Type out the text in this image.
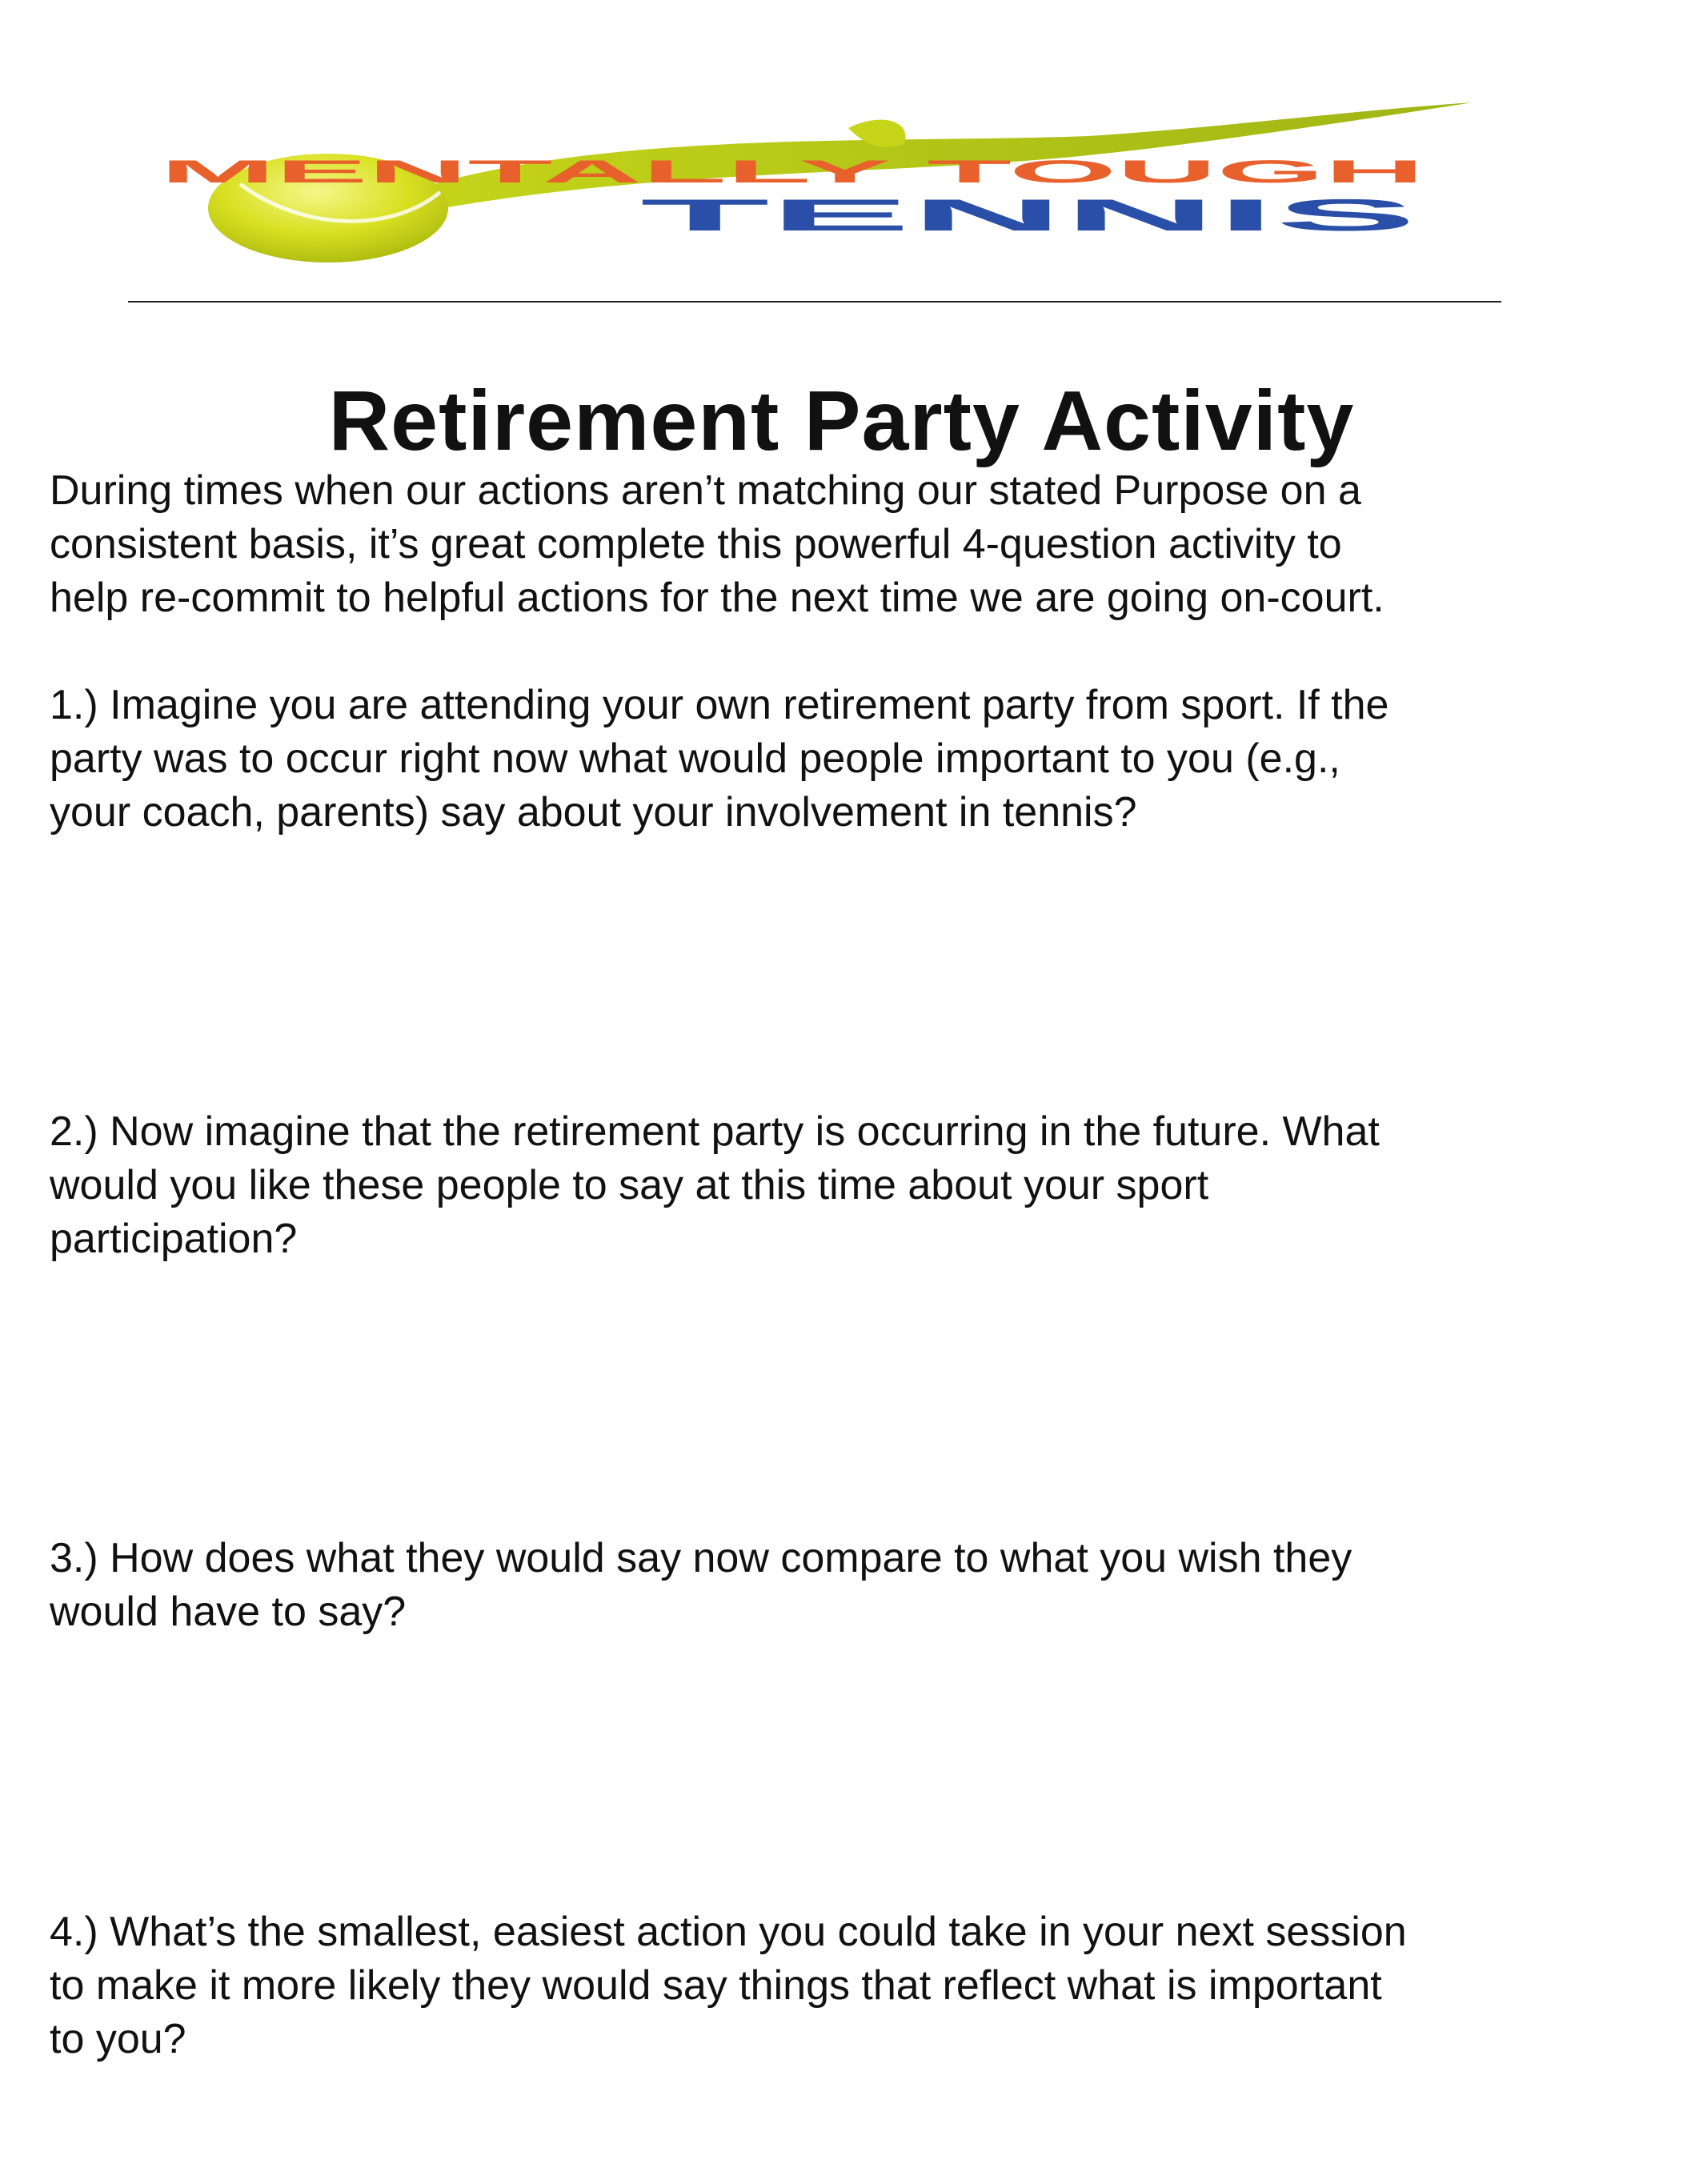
MENTALLY TOUGH
TENNIS
Retirement Party Activity

During times when our actions aren’t matching our stated Purpose on a
consistent basis, it’s great complete this powerful 4-question activity to
help re-commit to helpful actions for the next time we are going on-court.

1.) Imagine you are attending your own retirement party from sport. If the
party was to occur right now what would people important to you (e.g.,
your coach, parents) say about your involvement in tennis?

2.) Now imagine that the retirement party is occurring in the future. What
would you like these people to say at this time about your sport
participation?

3.) How does what they would say now compare to what you wish they
would have to say?

4.) What’s the smallest, easiest action you could take in your next session
to make it more likely they would say things that reflect what is important
to you?
